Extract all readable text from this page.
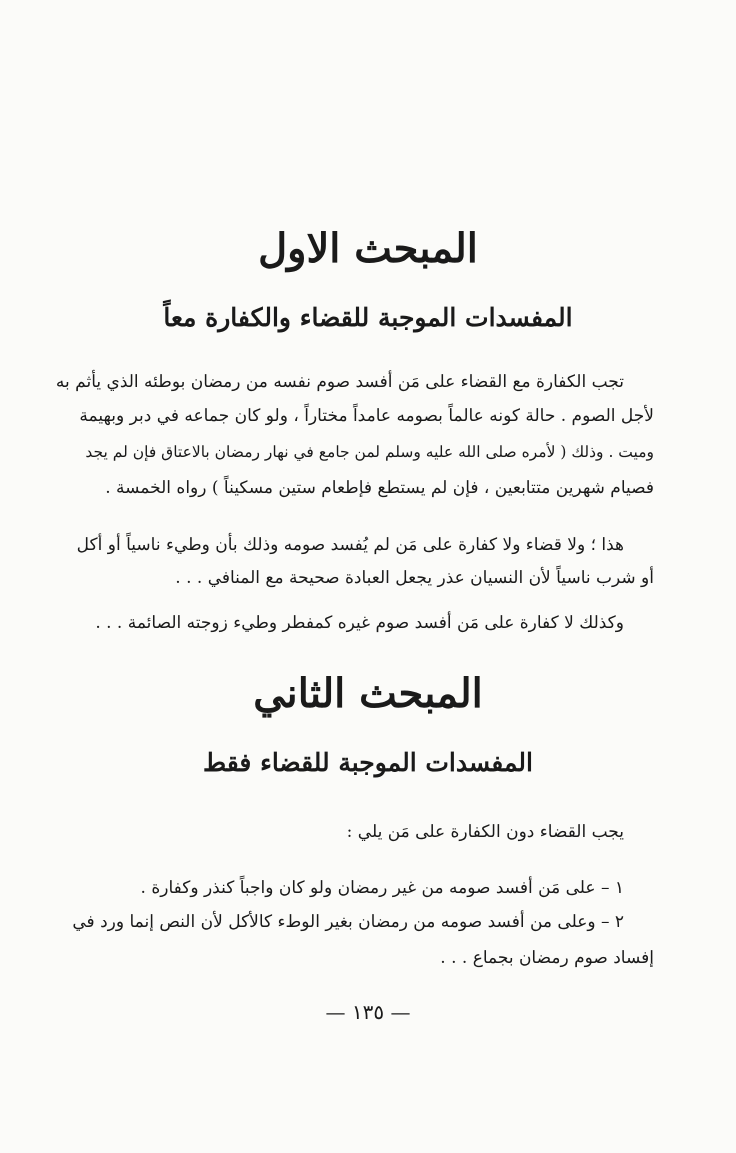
المبحث الاول
المفسدات الموجبة للقضاء والكفارة معاً
تجب الكفارة مع القضاء على مَن أفسد صوم نفسه من رمضان بوطئه الذي يأثم به
لأجل الصوم . حالة كونه عالماً بصومه عامداً مختاراً ، ولو كان جماعه في دبر وبهيمة
وميت . وذلك ( لأمره صلى الله عليه وسلم لمن جامع في نهار رمضان بالاعتاق فإن لم يجد
فصيام شهرين متتابعين ، فإن لم يستطع فإطعام ستين مسكيناً ) رواه الخمسة .
هذا ؛ ولا قضاء ولا كفارة على مَن لم يُفسد صومه وذلك بأن وطيء ناسياً أو أكل
أو شرب ناسياً لأن النسيان عذر يجعل العبادة صحيحة مع المنافي . . .
وكذلك لا كفارة على مَن أفسد صوم غيره كمفطر وطيء زوجته الصائمة . . .
المبحث الثاني
المفسدات الموجبة للقضاء فقط
يجب القضاء دون الكفارة على مَن يلي :
١ – على مَن أفسد صومه من غير رمضان ولو كان واجباً كنذر وكفارة .
٢ – وعلى من أفسد صومه من رمضان بغير الوطء كالأكل لأن النص إنما ورد في
إفساد صوم رمضان بجماع . . .
— ١٣٥ —
